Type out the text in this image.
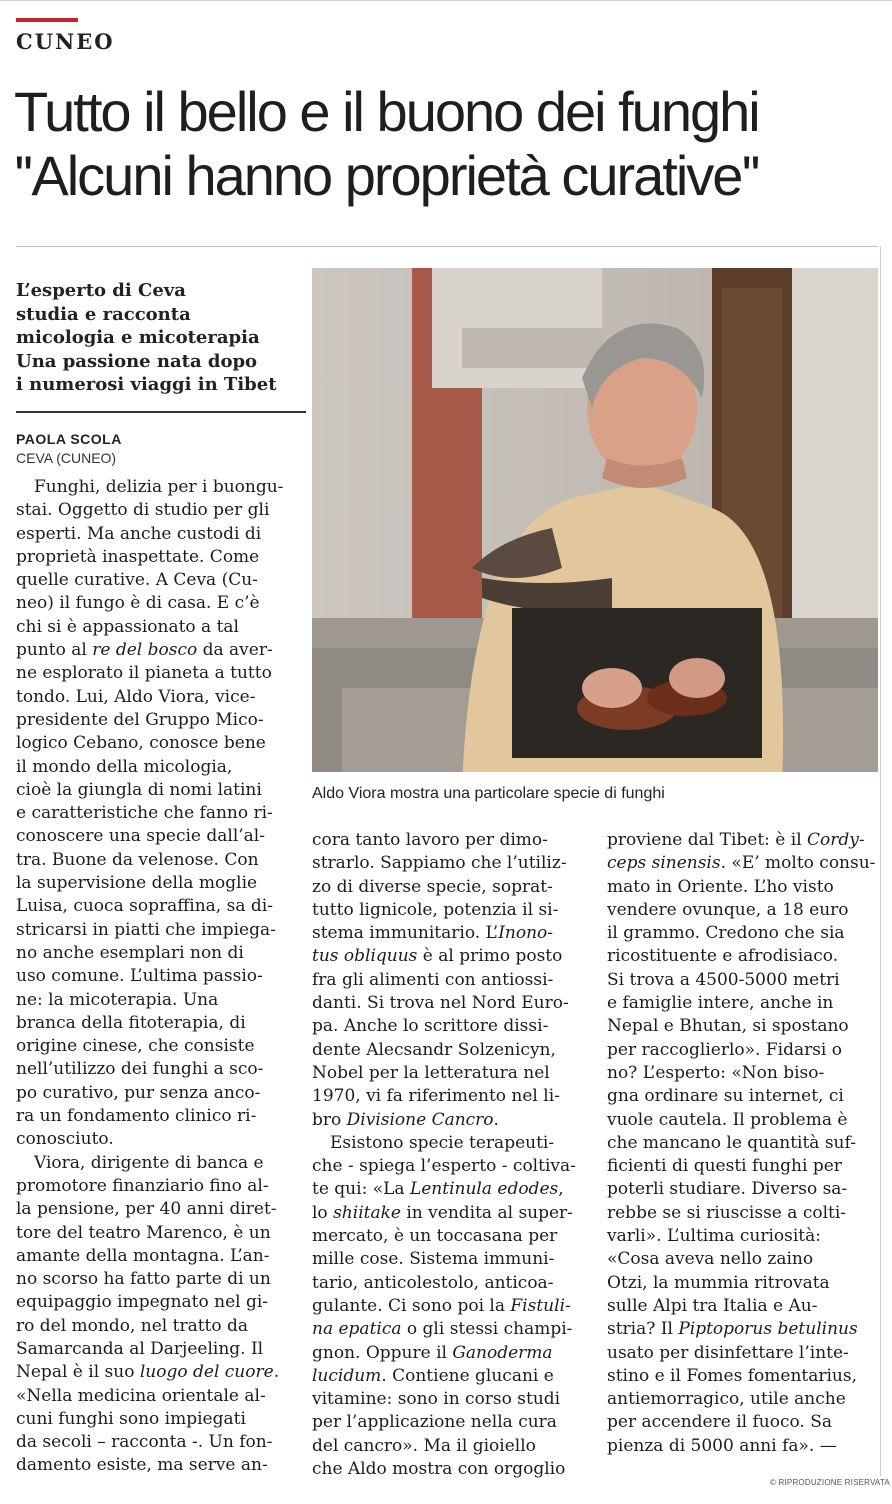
CUNEO
Tutto il bello e il buono dei funghi
''Alcuni hanno proprietà curative''
L’esperto di Ceva
studia e racconta
micologia e micoterapia
Una passione nata dopo
i numerosi viaggi in Tibet
PAOLA SCOLA
CEVA (CUNEO)
Funghi, delizia per i buongu-
stai. Oggetto di studio per gli
esperti. Ma anche custodi di
proprietà inaspettate. Come
quelle curative. A Ceva (Cu-
neo) il fungo è di casa. E c’è
chi si è appassionato a tal
punto al re del bosco da aver-
ne esplorato il pianeta a tutto
tondo. Lui, Aldo Viora, vice-
presidente del Gruppo Mico-
logico Cebano, conosce bene
il mondo della micologia,
cioè la giungla di nomi latini
e caratteristiche che fanno ri-
conoscere una specie dall’al-
tra. Buone da velenose. Con
la supervisione della moglie
Luisa, cuoca sopraffina, sa di-
stricarsi in piatti che impiega-
no anche esemplari non di
uso comune. L’ultima passio-
ne: la micoterapia. Una
branca della fitoterapia, di
origine cinese, che consiste
nell’utilizzo dei funghi a sco-
po curativo, pur senza anco-
ra un fondamento clinico ri-
conosciuto.
Viora, dirigente di banca e
promotore finanziario fino al-
la pensione, per 40 anni diret-
tore del teatro Marenco, è un
amante della montagna. L’an-
no scorso ha fatto parte di un
equipaggio impegnato nel gi-
ro del mondo, nel tratto da
Samarcanda al Darjeeling. Il
Nepal è il suo luogo del cuore.
«Nella medicina orientale al-
cuni funghi sono impiegati
da secoli – racconta -. Un fon-
damento esiste, ma serve an-
Aldo Viora mostra una particolare specie di funghi
cora tanto lavoro per dimo-
strarlo. Sappiamo che l’utiliz-
zo di diverse specie, soprat-
tutto lignicole, potenzia il si-
stema immunitario. L’Inono-
tus obliquus è al primo posto
fra gli alimenti con antiossi-
danti. Si trova nel Nord Euro-
pa. Anche lo scrittore dissi-
dente Alecsandr Solzenicyn,
Nobel per la letteratura nel
1970, vi fa riferimento nel li-
bro Divisione Cancro.
Esistono specie terapeuti-
che - spiega l’esperto - coltiva-
te qui: «La Lentinula edodes,
lo shiitake in vendita al super-
mercato, è un toccasana per
mille cose. Sistema immuni-
tario, anticolestolo, anticoa-
gulante. Ci sono poi la Fistuli-
na epatica o gli stessi champi-
gnon. Oppure il Ganoderma
lucidum. Contiene glucani e
vitamine: sono in corso studi
per l’applicazione nella cura
del cancro». Ma il gioiello
che Aldo mostra con orgoglio
proviene dal Tibet: è il Cordy-
ceps sinensis. «E’ molto consu-
mato in Oriente. L’ho visto
vendere ovunque, a 18 euro
il grammo. Credono che sia
ricostituente e afrodisiaco.
Si trova a 4500-5000 metri
e famiglie intere, anche in
Nepal e Bhutan, si spostano
per raccoglierlo». Fidarsi o
no? L’esperto: «Non biso-
gna ordinare su internet, ci
vuole cautela. Il problema è
che mancano le quantità suf-
ficienti di questi funghi per
poterli studiare. Diverso sa-
rebbe se si riuscisse a colti-
varli». L’ultima curiosità:
«Cosa aveva nello zaino
Otzi, la mummia ritrovata
sulle Alpi tra Italia e Au-
stria? Il Piptoporus betulinus
usato per disinfettare l’inte-
stino e il Fomes fomentarius,
antiemorragico, utile anche
per accendere il fuoco. Sa
pienza di 5000 anni fa». —
© RIPRODUZIONE RISERVATA
